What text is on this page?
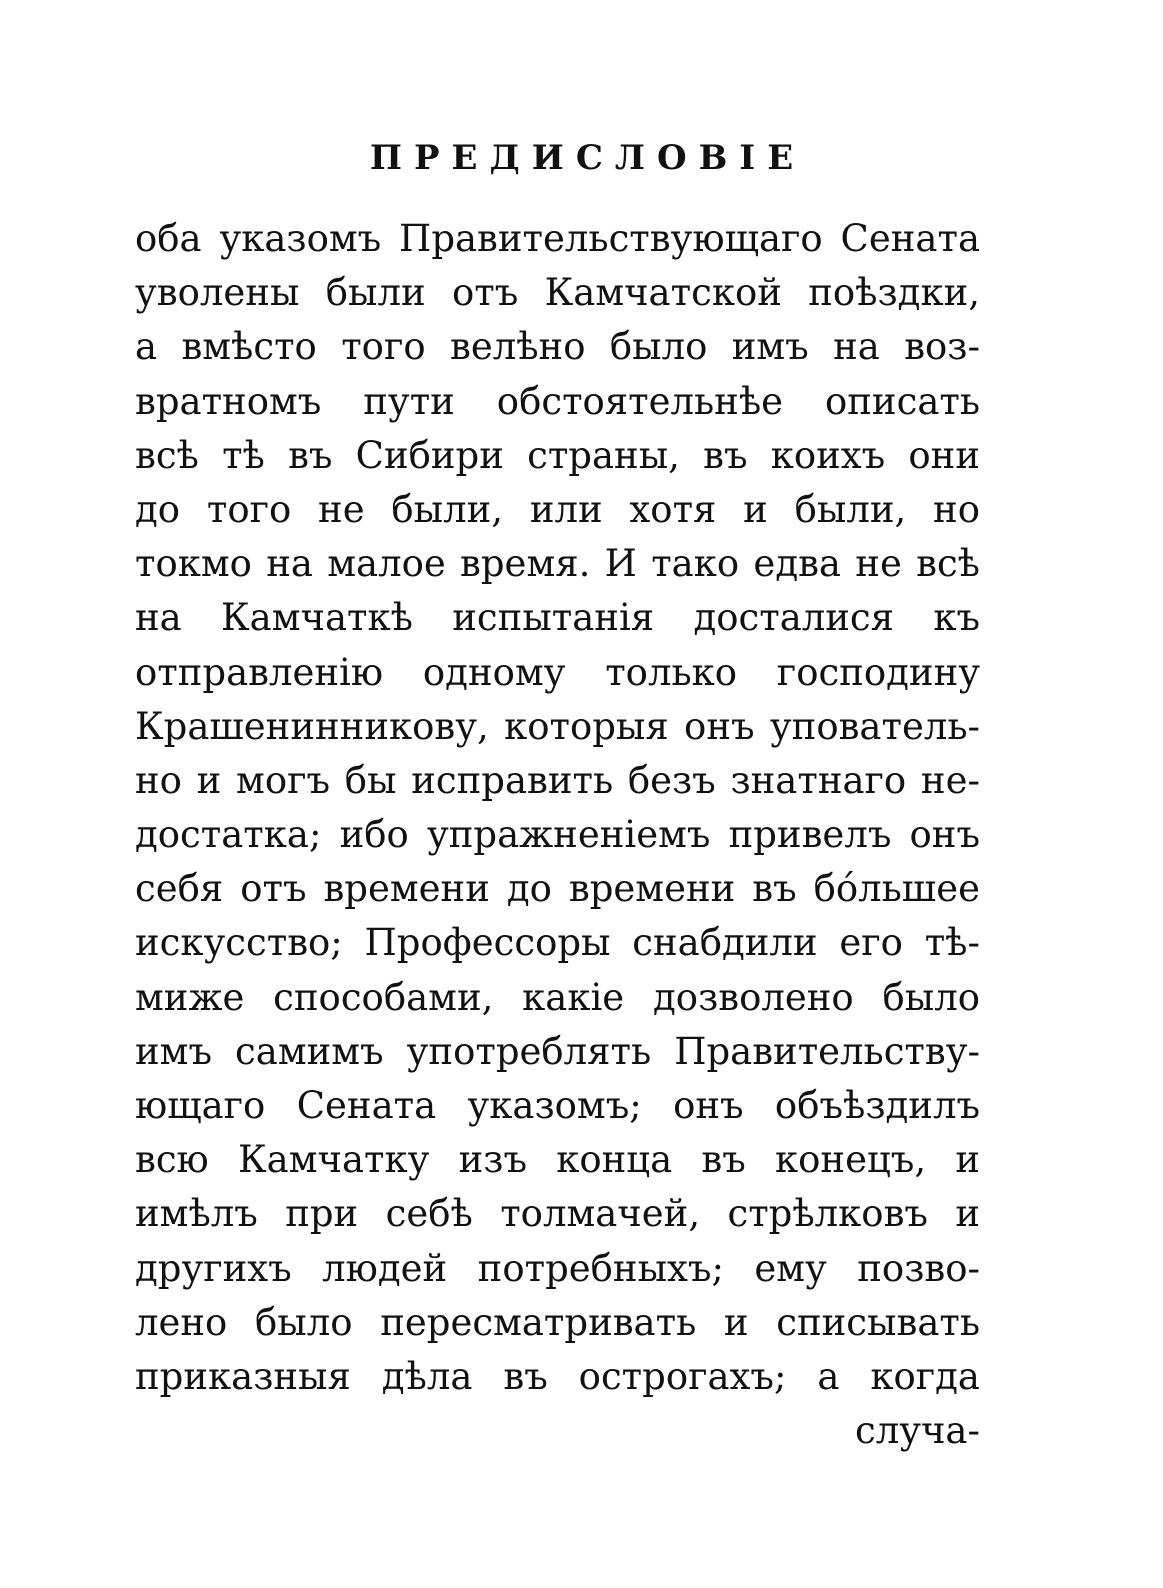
ПРЕДИСЛОВІЕ
оба указомъ Правительствующаго Сената
уволены были отъ Камчатской поѣздки,
а вмѣсто того велѣно было имъ на воз-
вратномъ пути обстоятельнѣе описать
всѣ тѣ въ Сибири страны, въ коихъ они
до того не были, или хотя и были, но
токмо на малое время. И тако едва не всѣ
на Камчаткѣ испытанія досталися къ
отправленію одному только господину
Крашенинникову, которыя онъ упователь-
но и могъ бы исправить безъ знатнаго не-
достатка; ибо упражненіемъ привелъ онъ
себя отъ времени до времени въ бóльшее
искусство; Профессоры снабдили его тѣ-
миже способами, какіе дозволено было
имъ самимъ употреблять Правительству-
ющаго Сената указомъ; онъ объѣздилъ
всю Камчатку изъ конца въ конецъ, и
имѣлъ при себѣ толмачей, стрѣлковъ и
другихъ людей потребныхъ; ему позво-
лено было пересматривать и списывать
приказныя дѣла въ острогахъ; а когда
случа-
